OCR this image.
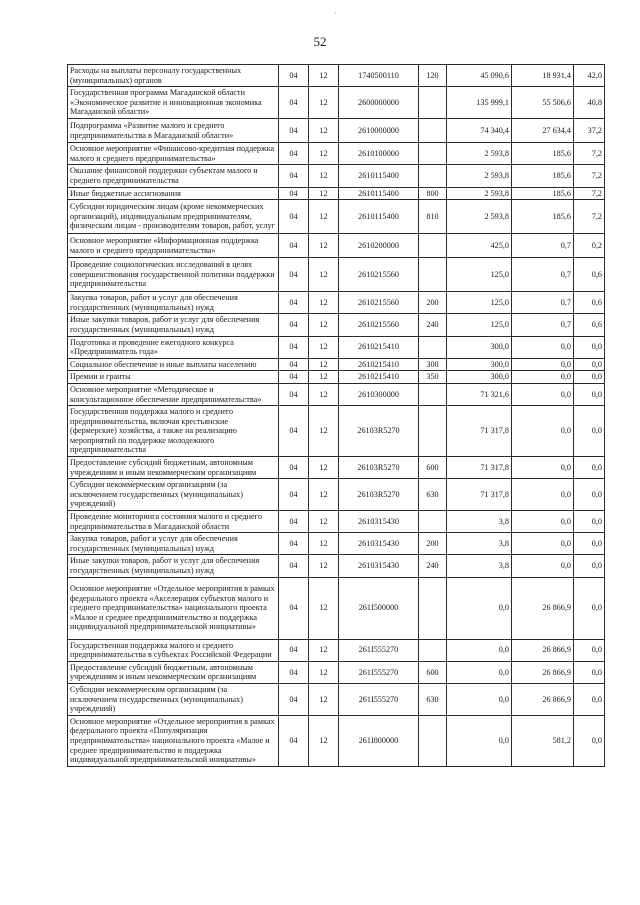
52
·
Расходы на выплаты персоналу государственных (муниципальных) органов	04	12	1740500110	120	45 090,6	18 931,4	42,0
Государственная программа Магаданской области «Экономическое развитие и инновационная экономика Магаданской области»	04	12	2600000000		135 999,1	55 506,6	40,8
Подпрограмма «Развитие малого и среднего предпринимательства в Магаданской области»	04	12	2610000000		74 340,4	27 634,4	37,2
Основное мероприятие «Финансово-кредитная поддержка малого и среднего предпринимательства»	04	12	2610100000		2 593,8	185,6	7,2
Оказание финансовой поддержки субъектам малого и среднего предпринимательства	04	12	2610115400		2 593,8	185,6	7,2
Иные бюджетные ассигнования	04	12	2610115400	800	2 593,8	185,6	7,2
Субсидии юридическим лицам (кроме некоммерческих организаций), индивидуальным предпринимателям, физическим лицам - производителям товаров, работ, услуг	04	12	2610115400	810	2 593,8	185,6	7,2
Основное мероприятие «Информационная поддержка малого и среднего предпринимательства»	04	12	2610200000		425,0	0,7	0,2
Проведение социологических исследований в целях совершенствования государственной политики поддержки предпринимательства	04	12	2610215560		125,0	0,7	0,6
Закупка товаров, работ и услуг для обеспечения государственных (муниципальных) нужд	04	12	2610215560	200	125,0	0,7	0,6
Иные закупки товаров, работ и услуг для обеспечения государственных (муниципальных) нужд	04	12	2610215560	240	125,0	0,7	0,6
Подготовка и проведение ежегодного конкурса «Предприниматель года»	04	12	2610215410		300,0	0,0	0,0
Социальное обеспечение и иные выплаты населению	04	12	2610215410	300	300,0	0,0	0,0
Премии и гранты	04	12	2610215410	350	300,0	0,0	0,0
Основное мероприятие «Методическое и консультационное обеспечение предпринимательства»	04	12	2610300000		71 321,6	0,0	0,0
Государственная поддержка малого и среднего предпринимательства, включая крестьянские (фермерские) хозяйства, а также на реализацию мероприятий по поддержке молодежного предпринимательства	04	12	26103R5270		71 317,8	0,0	0,0
Предоставление субсидий бюджетным, автономным учреждениям и иным некоммерческим организациям	04	12	26103R5270	600	71 317,8	0,0	0,0
Субсидии некоммерческим организациям (за исключением государственных (муниципальных) учреждений)	04	12	26103R5270	630	71 317,8	0,0	0,0
Проведение мониторинга состояния малого и среднего предпринимательства в Магаданской области	04	12	2610315430		3,8	0,0	0,0
Закупка товаров, работ и услуг для обеспечения государственных (муниципальных) нужд	04	12	2610315430	200	3,8	0,0	0,0
Иные закупки товаров, работ и услуг для обеспечения государственных (муниципальных) нужд	04	12	2610315430	240	3,8	0,0	0,0
Основное мероприятие «Отдельное мероприятия в рамках федерального проекта «Акселерация субъектов малого и среднего предпринимательства» национального проекта «Малое и среднее предпринимательство и поддержка индивидуальной предпринимательской инициативы»	04	12	261I500000		0,0	26 866,9	0,0
Государственная поддержка малого и среднего предпринимательства в субъектах Российской Федерации	04	12	261I555270		0,0	26 866,9	0,0
Предоставление субсидий бюджетным, автономным учреждениям и иным некоммерческим организациям	04	12	261I555270	600	0,0	26 866,9	0,0
Субсидии некоммерческим организациям (за исключением государственных (муниципальных) учреждений)	04	12	261I555270	630	0,0	26 866,9	0,0
Основное мероприятие «Отдельное мероприятия в рамках федерального проекта «Популяризация предпринимательства» национального проекта «Малое и среднее предпринимательство и поддержка индивидуальной предпринимательской инициативы»	04	12	261I800000		0,0	581,2	0,0
